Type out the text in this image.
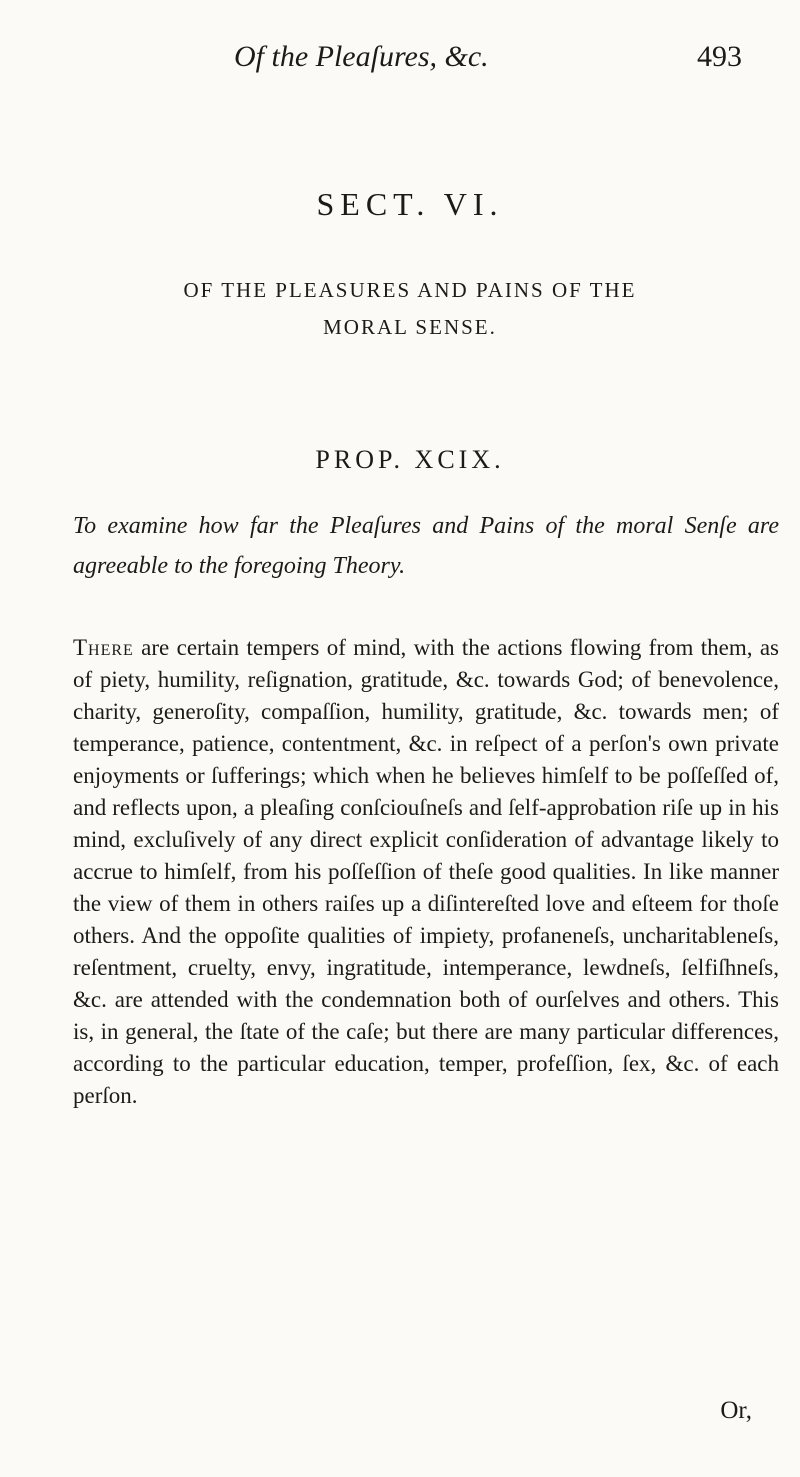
Of the Pleaſures, &c.	493
SECT. VI.
OF THE PLEASURES AND PAINS OF THE
MORAL SENSE.
PROP. XCIX.
To examine how far the Pleaſures and Pains of the moral Senſe are agreeable to the foregoing Theory.
There are certain tempers of mind, with the actions flowing from them, as of piety, humility, reſignation, gratitude, &c. towards God; of benevolence, charity, generoſity, compaſſion, humility, gratitude, &c. towards men; of temperance, patience, contentment, &c. in reſpect of a perſon's own private enjoyments or ſufferings; which when he believes himſelf to be poſſeſſed of, and reflects upon, a pleaſing conſciouſneſs and ſelf-approbation riſe up in his mind, excluſively of any direct explicit conſideration of advantage likely to accrue to himſelf, from his poſſeſſion of theſe good qualities. In like manner the view of them in others raiſes up a diſintereſted love and eſteem for thoſe others. And the oppoſite qualities of impiety, profaneneſs, uncharitableneſs, reſentment, cruelty, envy, ingratitude, intemperance, lewdneſs, ſelfiſhneſs, &c. are attended with the condemnation both of ourſelves and others. This is, in general, the ſtate of the caſe; but there are many particular differences, according to the particular education, temper, profeſſion, ſex, &c. of each perſon.
Or,
